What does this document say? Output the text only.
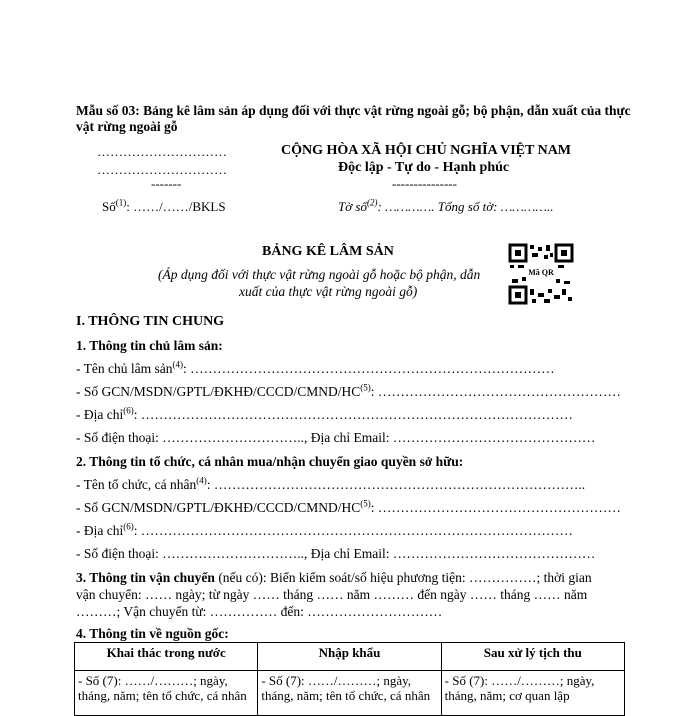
Mẫu số 03: Bảng kê lâm sản áp dụng đối với thực vật rừng ngoài gỗ; bộ phận, dẫn xuất của thực vật rừng ngoài gỗ
…………………………
…………………………
-------
Số$^{(1)}$: ……/……/BKLS
CỘNG HÒA XÃ HỘI CHỦ NGHĨA VIỆT NAM
Độc lập - Tự do - Hạnh phúc
---------------
Tờ số$^{(2)}$: …………. Tổng số tờ: …………..
BẢNG KÊ LÂM SẢN
(Áp dụng đối với thực vật rừng ngoài gỗ hoặc bộ phận, dẫn
xuất của thực vật rừng ngoài gỗ)
Mã QR
I. THÔNG TIN CHUNG
1. Thông tin chủ lâm sản:
- Tên chủ lâm sản$^{(4)}$: ………………………………………………………………………
- Số GCN/MSDN/GPTL/ĐKHĐ/CCCD/CMND/HC$^{(5)}$: ………………………………………………
- Địa chỉ$^{(6)}$: ……………………………………………………………………………………
- Số điện thoại: ………………………….., Địa chỉ Email: ………………………………………
2. Thông tin tổ chức, cá nhân mua/nhận chuyển giao quyền sở hữu:
- Tên tổ chức, cá nhân$^{(4)}$: ………………………………………………………………………..
- Số GCN/MSDN/GPTL/ĐKHĐ/CCCD/CMND/HC$^{(5)}$: ………………………………………………
- Địa chỉ$^{(6)}$: ……………………………………………………………………………………
- Số điện thoại: ………………………….., Địa chỉ Email: ………………………………………
3. Thông tin vận chuyển (nếu có): Biển kiểm soát/số hiệu phương tiện: ……………; thời gian
vận chuyển: …… ngày; từ ngày …… tháng …… năm ……… đến ngày …… tháng …… năm
………; Vận chuyển từ: …………… đến: …………………………
4. Thông tin về nguồn gốc:
Khai thác trong nước	Nhập khẩu	Sau xử lý tịch thu
- Số (7): ……/………; ngày, tháng, năm; tên tổ chức, cá nhân	- Số (7): ……/………; ngày, tháng, năm; tên tổ chức, cá nhân	- Số (7): ……/………; ngày, tháng, năm; cơ quan lập
